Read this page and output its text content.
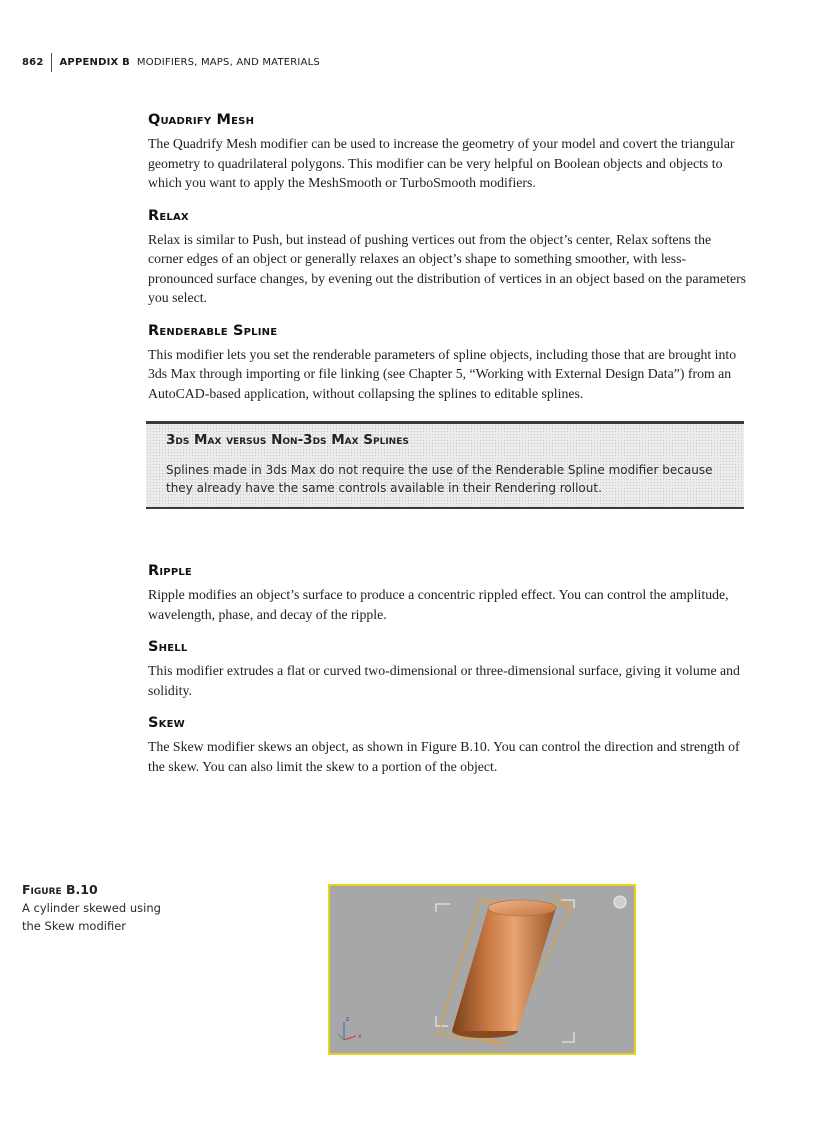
862	APPENDIX B MODIFIERS, MAPS, AND MATERIALS
Quadrify Mesh

The Quadrify Mesh modifier can be used to increase the geometry of your model and covert the triangular geometry to quadrilateral polygons. This modifier can be very helpful on Boolean objects and objects to which you want to apply the MeshSmooth or TurboSmooth modifiers.

Relax

Relax is similar to Push, but instead of pushing vertices out from the object’s center, Relax softens the corner edges of an object or generally relaxes an object’s shape to something smoother, with less-pronounced surface changes, by evening out the distribution of vertices in an object based on the parameters you select.

Renderable Spline

This modifier lets you set the renderable parameters of spline objects, including those that are brought into 3ds Max through importing or file linking (see Chapter 5, “Working with External Design Data”) from an AutoCAD-based application, without collapsing the splines to editable splines.

3ds Max versus Non-3ds Max Splines

Splines made in 3ds Max do not require the use of the Renderable Spline modifier because they already have the same controls available in their Rendering rollout.

Ripple

Ripple modifies an object’s surface to produce a concentric rippled effect. You can control the amplitude, wavelength, phase, and decay of the ripple.

Shell

This modifier extrudes a flat or curved two-dimensional or three-dimensional surface, giving it volume and solidity.

Skew

The Skew modifier skews an object, as shown in Figure B.10. You can control the direction and strength of the skew. You can also limit the skew to a portion of the object.

Figure B.10
A cylinder skewed using the Skew modifier
z
x
